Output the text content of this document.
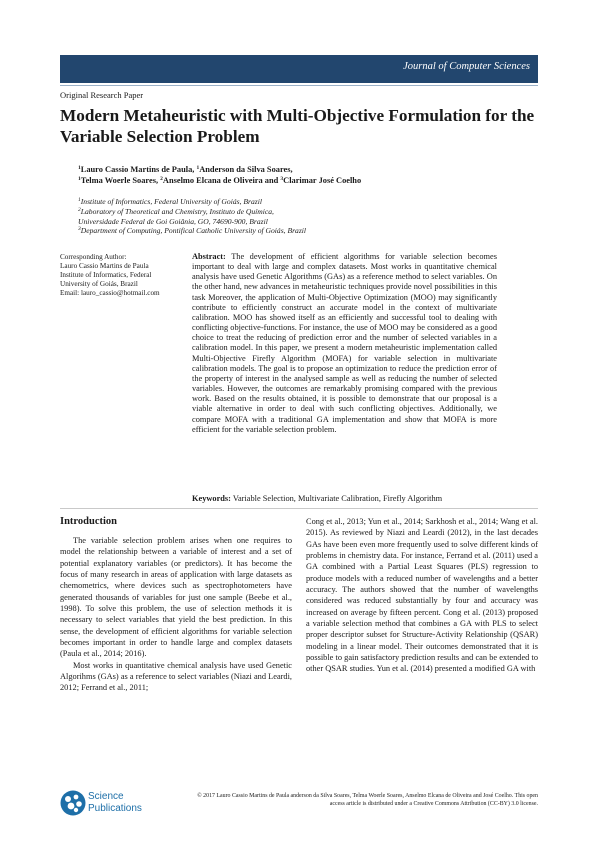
Journal of Computer Sciences
Original Research Paper
Modern Metaheuristic with Multi-Objective Formulation for the Variable Selection Problem
$^1$Lauro Cassio Martins de Paula, $^1$Anderson da Silva Soares,
$^1$Telma Woerle Soares, $^2$Anselmo Elcana de Oliveira and $^3$Clarimar José Coelho
$^1$Institute of Informatics, Federal University of Goiás, Brazil
$^2$Laboratory of Theoretical and Chemistry, Instituto de Química,
Universidade Federal de Goi Goiânia, GO, 74690-900, Brazil
$^3$Department of Computing, Pontifical Catholic University of Goiás, Brazil
Corresponding Author:
Lauro Cassio Martins de Paula
Institute of Informatics, Federal
University of Goiás, Brazil
Email: lauro_cassio@hotmail.com

Abstract: The development of efficient algorithms for variable selection becomes important to deal with large and complex datasets. Most works in quantitative chemical analysis have used Genetic Algorithms (GAs) as a reference method to select variables. On the other hand, new advances in metaheuristic techniques provide novel possibilities in this task Moreover, the application of Multi-Objective Optimization (MOO) may significantly contribute to efficiently construct an accurate model in the context of multivariate calibration. MOO has showed itself as an efficiently and successful tool to dealing with conflicting objective-functions. For instance, the use of MOO may be considered as a good choice to treat the reducing of prediction error and the number of selected variables in a calibration model. In this paper, we present a modern metaheuristic implementation called Multi-Objective Firefly Algorithm (MOFA) for variable selection in multivariate calibration models. The goal is to propose an optimization to reduce the prediction error of the property of interest in the analysed sample as well as reducing the number of selected variables. However, the outcomes are remarkably promising compared with the previous work. Based on the results obtained, it is possible to demonstrate that our proposal is a viable alternative in order to deal with such conflicting objectives. Additionally, we compare MOFA with a traditional GA implementation and show that MOFA is more efficient for the variable selection problem.

Keywords: Variable Selection, Multivariate Calibration, Firefly Algorithm
Introduction

The variable selection problem arises when one requires to model the relationship between a variable of interest and a set of potential explanatory variables (or predictors). It has become the focus of many research in areas of application with large datasets as chemometrics, where devices such as spectrophotometers have generated thousands of variables for just one sample (Beebe et al., 1998). To solve this problem, the use of selection methods it is necessary to select variables that yield the best prediction. In this sense, the development of efficient algorithms for variable selection becomes important in order to handle large and complex datasets (Paula et al., 2014; 2016).

Most works in quantitative chemical analysis have used Genetic Algorihms (GAs) as a reference to select variables (Niazi and Leardi, 2012; Ferrand et al., 2011;

Cong et al., 2013; Yun et al., 2014; Sarkhosh et al., 2014; Wang et al. 2015). As reviewed by Niazi and Leardi (2012), in the last decades GAs have been even more frequently used to solve different kinds of problems in chemistry data. For instance, Ferrand et al. (2011) used a GA combined with a Partial Least Squares (PLS) regression to produce models with a reduced number of wavelengths and a better accuracy. The authors showed that the number of wavelengths considered was reduced substantially by four and accuracy was increased on average by fifteen percent. Cong et al. (2013) proposed a variable selection method that combines a GA with PLS to select proper descriptor subset for Structure-Activity Relationship (QSAR) modeling in a linear model. Their outcomes demonstrated that it is possible to gain satisfactory prediction results and can be extended to other QSAR studies. Yun et al. (2014) presented a modified GA with

Science
Publications
© 2017 Lauro Cassio Martins de Paula anderson da Silva Soares, Telma Woerle Soares, Anselmo Elcana de Oliveira and José Coelho. This open access article is distributed under a Creative Commons Attribution (CC-BY) 3.0 license.
